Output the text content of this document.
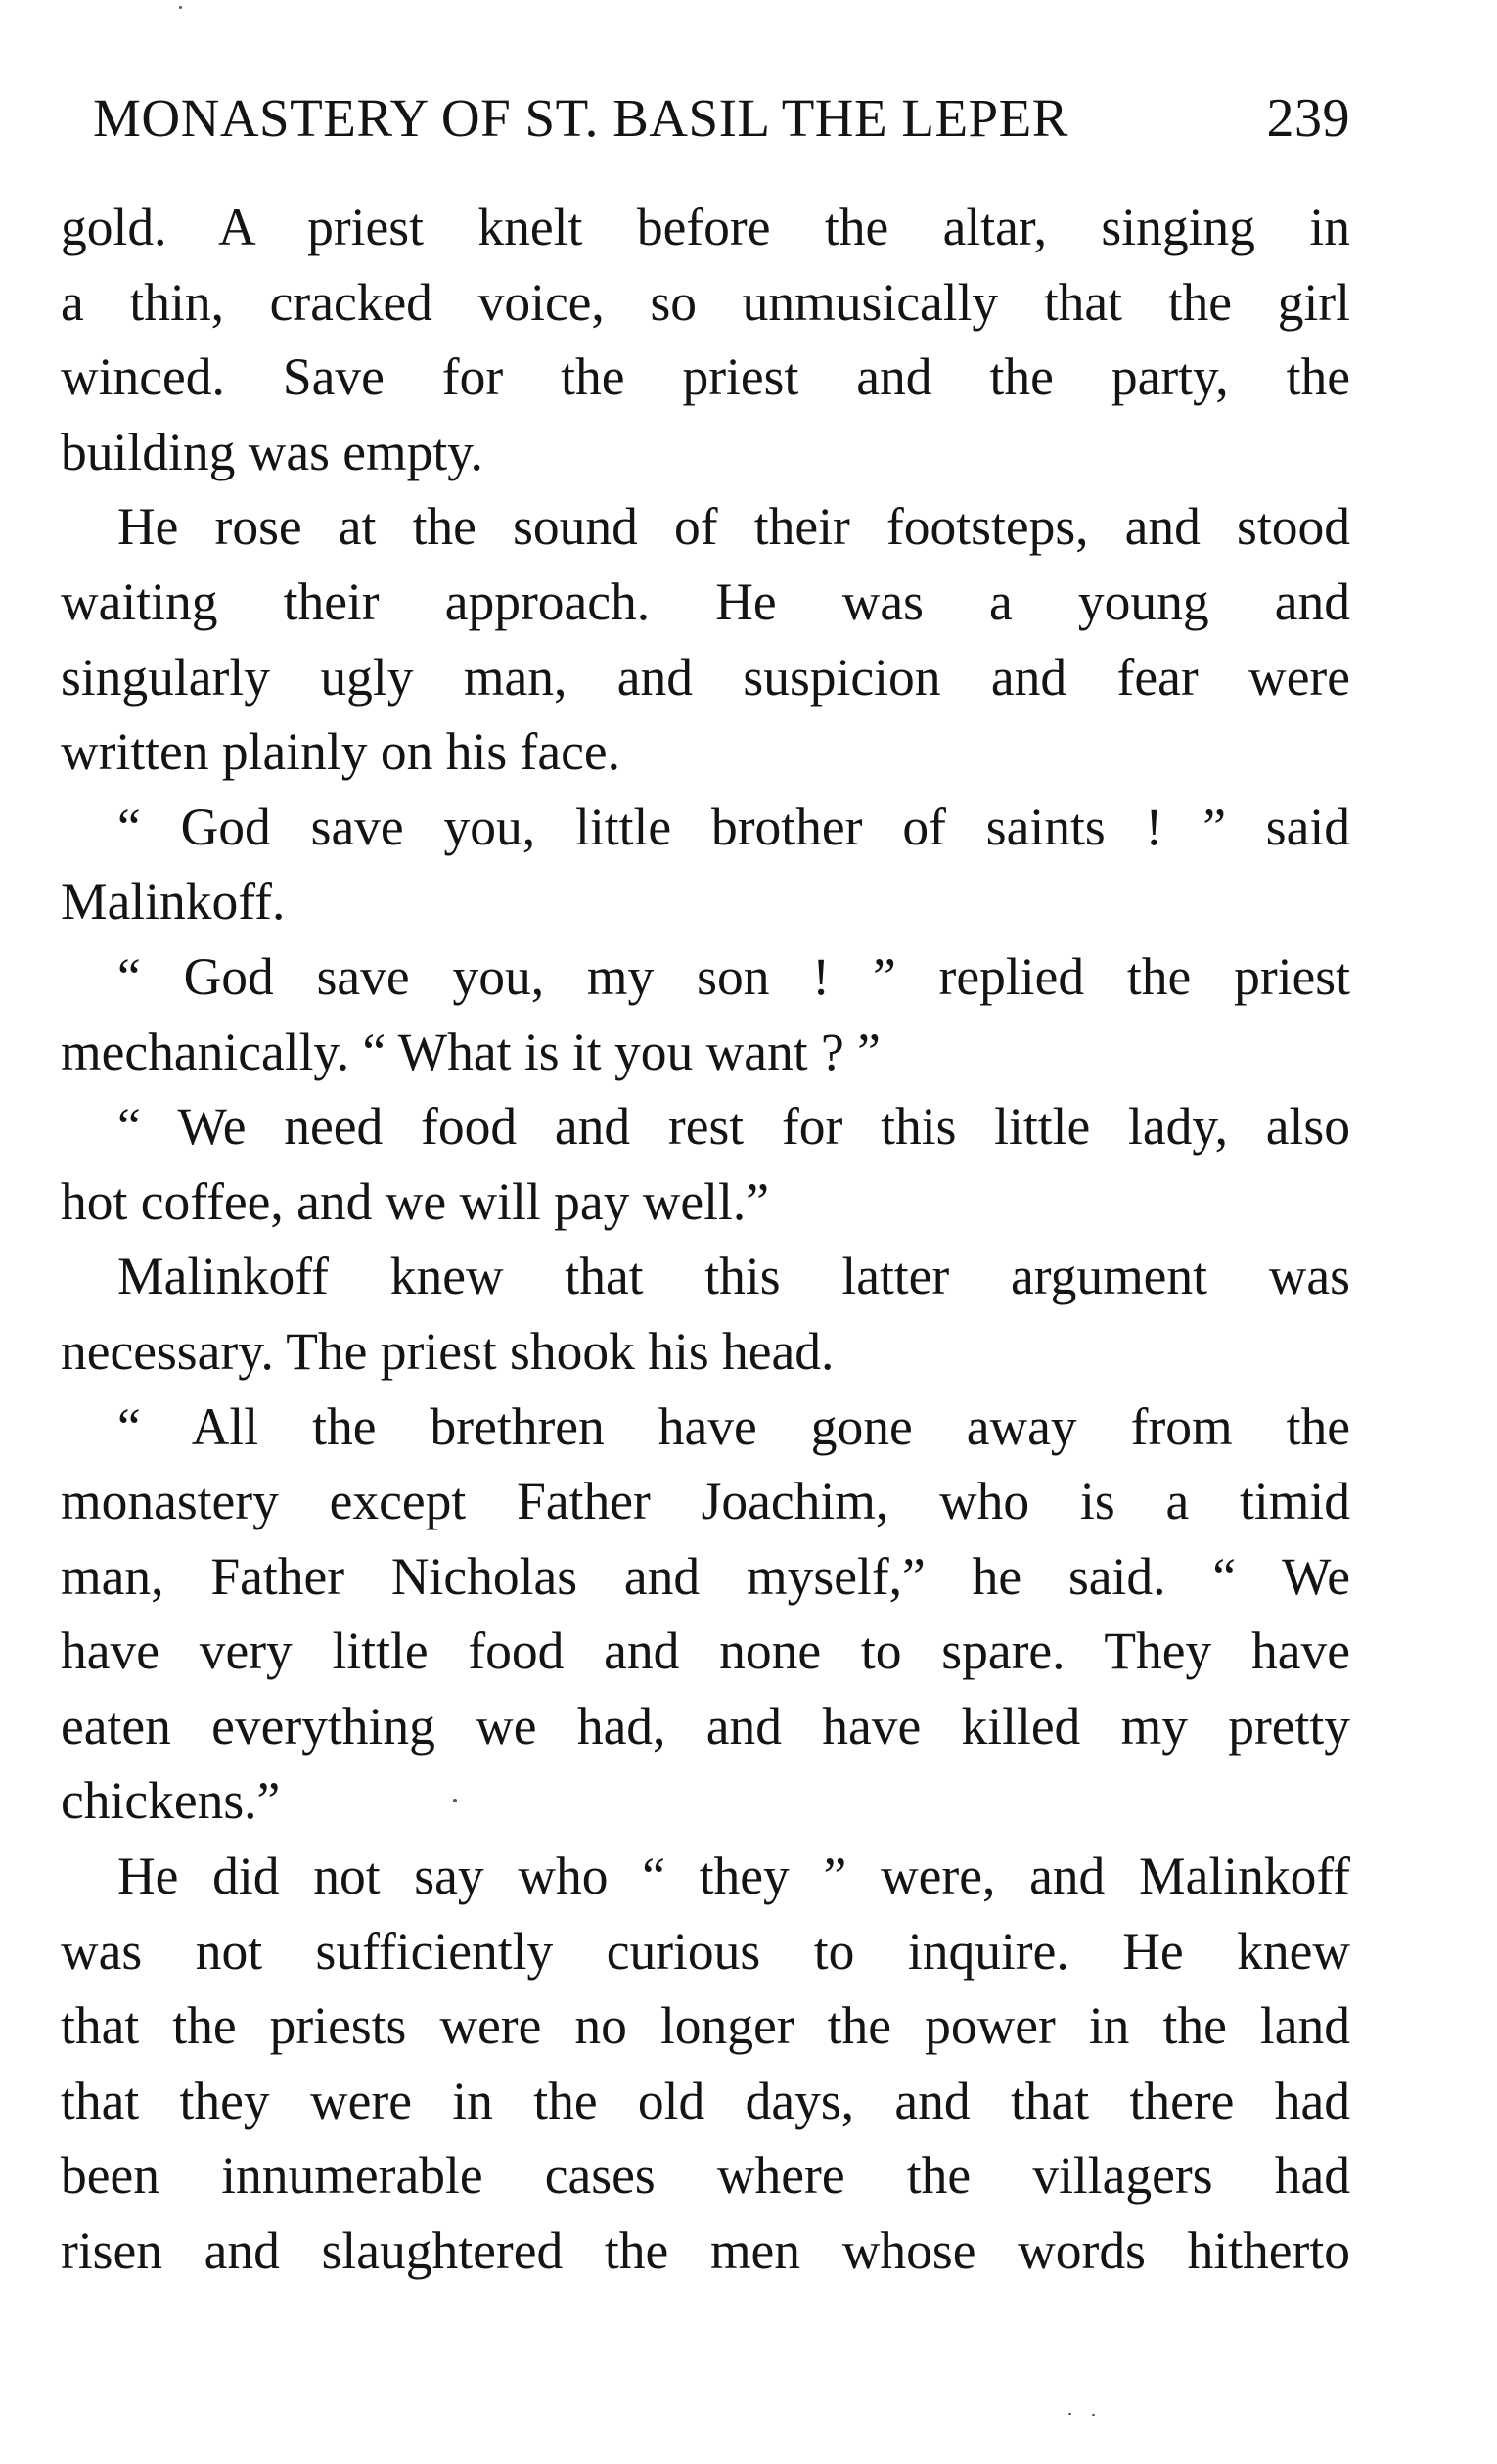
MONASTERY OF ST. BASIL THE LEPER	239
gold. A priest knelt before the altar, singing in
a thin, cracked voice, so unmusically that the girl
winced. Save for the priest and the party, the
building was empty.
He rose at the sound of their footsteps, and stood
waiting their approach. He was a young and
singularly ugly man, and suspicion and fear were
written plainly on his face.
“ God save you, little brother of saints ! ” said
Malinkoff.
“ God save you, my son ! ” replied the priest
mechanically. “ What is it you want ? ”
“ We need food and rest for this little lady, also
hot coffee, and we will pay well.”
Malinkoff knew that this latter argument was
necessary. The priest shook his head.
“ All the brethren have gone away from the
monastery except Father Joachim, who is a timid
man, Father Nicholas and myself,” he said. “ We
have very little food and none to spare. They have
eaten everything we had, and have killed my pretty
chickens.”
He did not say who “ they ” were, and Malinkoff
was not sufficiently curious to inquire. He knew
that the priests were no longer the power in the land
that they were in the old days, and that there had
been innumerable cases where the villagers had
risen and slaughtered the men whose words hitherto
